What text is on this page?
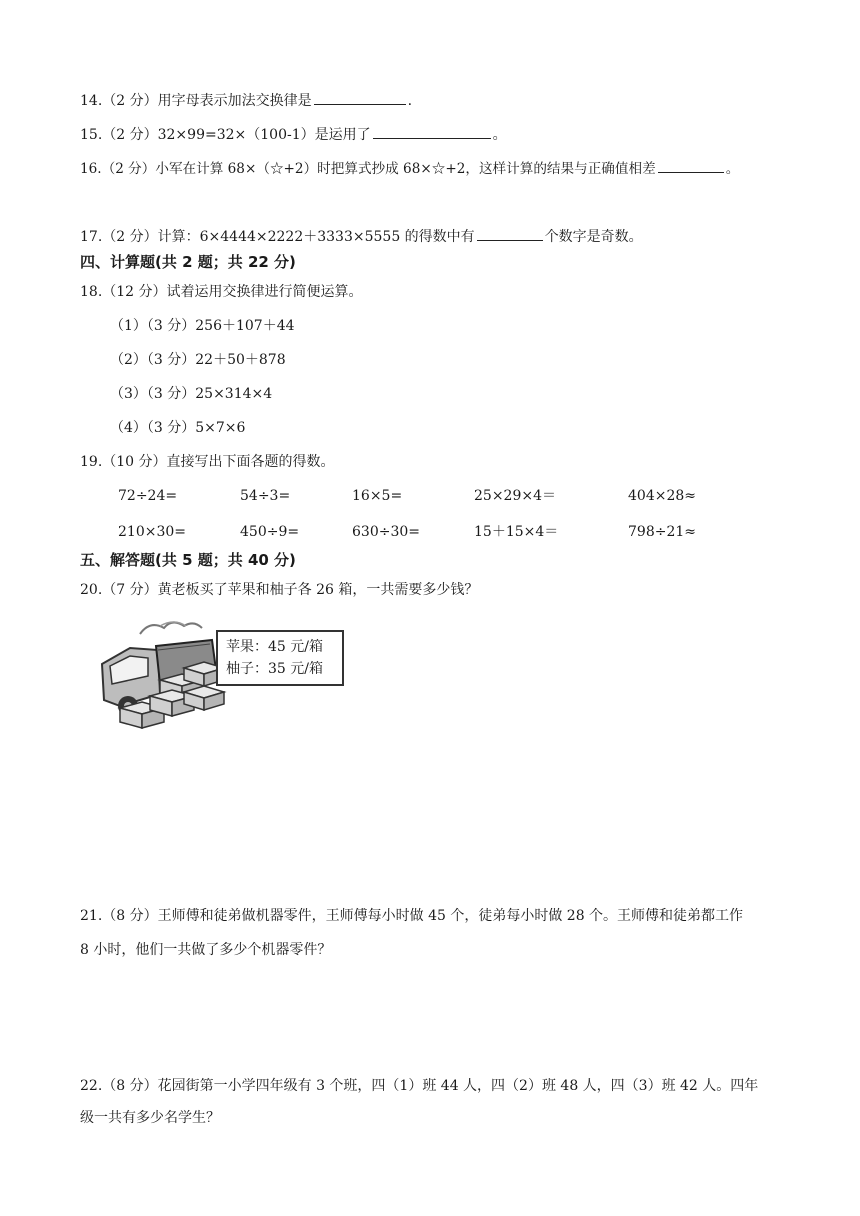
14.（2 分）用字母表示加法交换律是	.
15.（2 分）32×99=32×（100-1）是运用了	。
16.（2 分）小军在计算 68×（☆+2）时把算式抄成 68×☆+2，这样计算的结果与正确值相差	。
17.（2 分）计算：6×4444×2222＋3333×5555 的得数中有	个数字是奇数。
四、计算题(共 2 题；共 22 分)
18.（12 分）试着运用交换律进行简便运算。
（1）（3 分）256＋107＋44
（2）（3 分）22＋50＋878
（3）（3 分）25×314×4
（4）（3 分）5×7×6
19.（10 分）直接写出下面各题的得数。
72÷24=	54÷3=	16×5=	25×29×4＝	404×28≈
210×30=	450÷9=	630÷30=	15＋15×4＝	798÷21≈
五、解答题(共 5 题；共 40 分)
20.（7 分）黄老板买了苹果和柚子各 26 箱，一共需要多少钱？
苹果：45 元/箱
柚子：35 元/箱
21.（8 分）王师傅和徒弟做机器零件，王师傅每小时做 45 个，徒弟每小时做 28 个。王师傅和徒弟都工作
8 小时，他们一共做了多少个机器零件？
22.（8 分）花园街第一小学四年级有 3 个班，四（1）班 44 人，四（2）班 48 人，四（3）班 42 人。四年
级一共有多少名学生？
